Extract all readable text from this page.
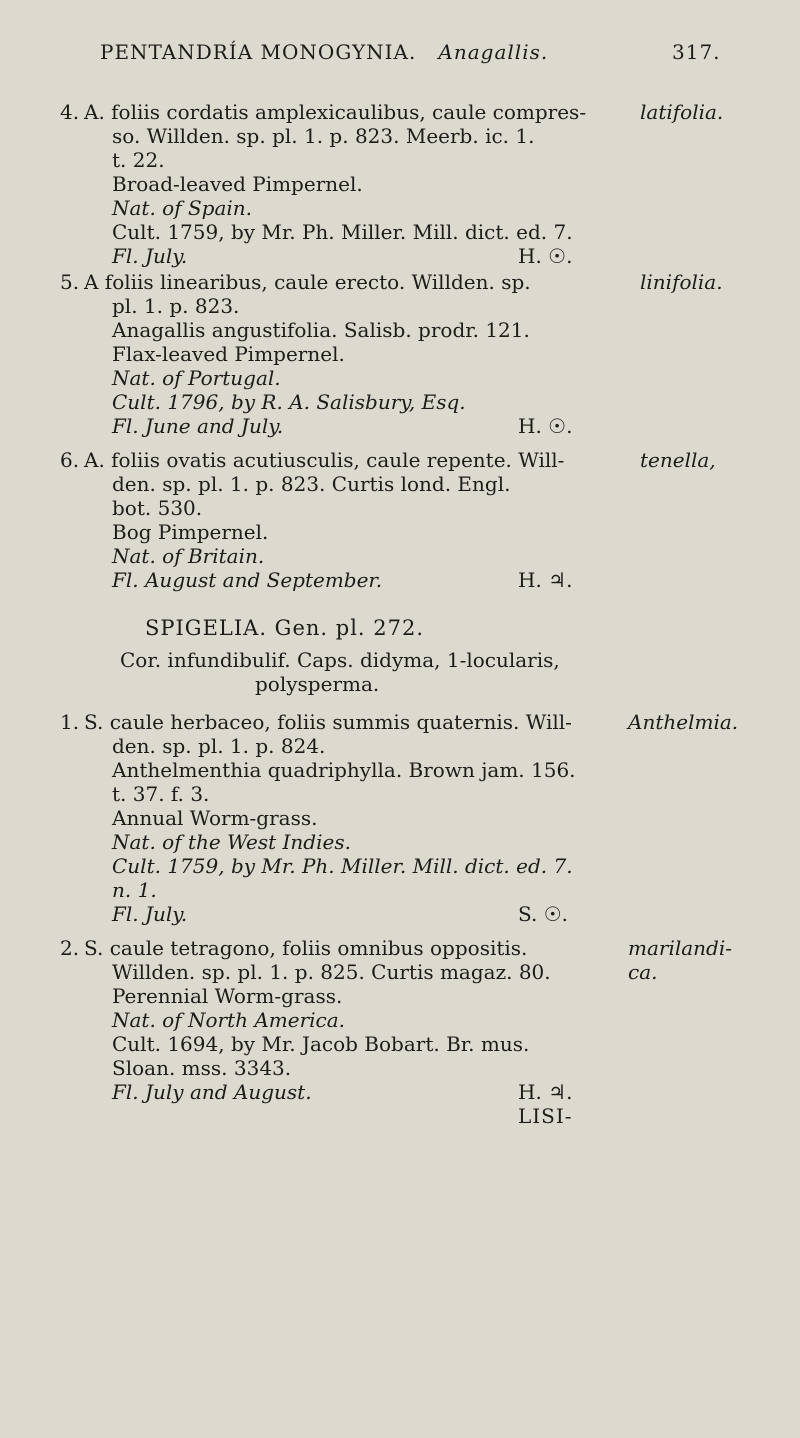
PENTANDRÍA MONOGYNIA. Anagallis.	317.
4.	latifolia.
A. foliis cordatis amplexicaulibus, caule compres-
so. Willden. sp. pl. 1. p. 823. Meerb. ic. 1.
t. 22.
Broad-leaved Pimpernel.
Nat. of Spain.
Cult. 1759, by Mr. Ph. Miller. Mill. dict. ed. 7.
Fl. July.	H. ☉.
5.	linifolia.
A foliis linearibus, caule erecto. Willden. sp.
pl. 1. p. 823.
Anagallis angustifolia. Salisb. prodr. 121.
Flax-leaved Pimpernel.
Nat. of Portugal.
Cult. 1796, by R. A. Salisbury, Esq.
Fl. June and July.	H. ☉.
6.	tenella,
A. foliis ovatis acutiusculis, caule repente. Will-
den. sp. pl. 1. p. 823. Curtis lond. Engl.
bot. 530.
Bog Pimpernel.
Nat. of Britain.
Fl. August and September.	H. ♃.
SPIGELIA. Gen. pl. 272.
Cor. infundibulif. Caps. didyma, 1-locularis,
polysperma.
1.	Anthelmia.
S. caule herbaceo, foliis summis quaternis. Will-
den. sp. pl. 1. p. 824.
Anthelmenthia quadriphylla. Brown jam. 156.
t. 37. f. 3.
Annual Worm-grass.
Nat. of the West Indies.
Cult. 1759, by Mr. Ph. Miller. Mill. dict. ed. 7.
n. 1.
Fl. July.	S. ☉.
2.	marilandi-
ca.
S. caule tetragono, foliis omnibus oppositis.
Willden. sp. pl. 1. p. 825. Curtis magaz. 80.
Perennial Worm-grass.
Nat. of North America.
Cult. 1694, by Mr. Jacob Bobart. Br. mus.
Sloan. mss. 3343.
Fl. July and August.	H. ♃.
LISI-
